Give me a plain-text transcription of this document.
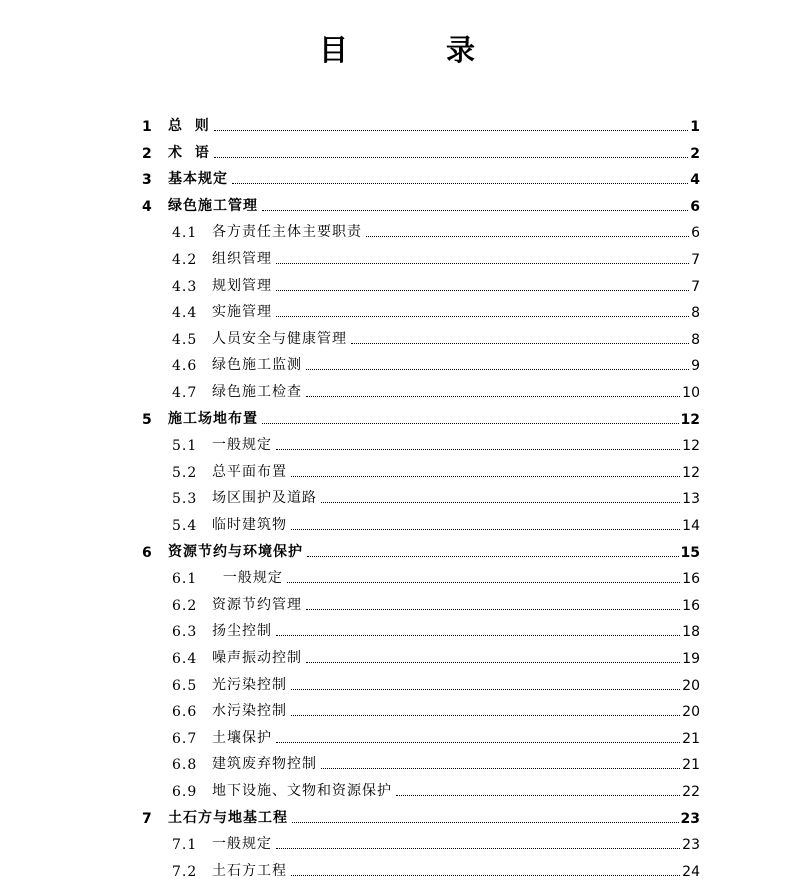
目 录
1	总  则	1
2	术  语	2
3	基本规定	4
4	绿色施工管理	6
4.1	各方责任主体主要职责	6
4.2	组织管理	7
4.3	规划管理	7
4.4	实施管理	8
4.5	人员安全与健康管理	8
4.6	绿色施工监测	9
4.7	绿色施工检查	10
5	施工场地布置	12
5.1	一般规定	12
5.2	总平面布置	12
5.3	场区围护及道路	13
5.4	临时建筑物	14
6	资源节约与环境保护	15
6.1	一般规定	16
6.2	资源节约管理	16
6.3	扬尘控制	18
6.4	噪声振动控制	19
6.5	光污染控制	20
6.6	水污染控制	20
6.7	土壤保护	21
6.8	建筑废弃物控制	21
6.9	地下设施、文物和资源保护	22
7	土石方与地基工程	23
7.1	一般规定	23
7.2	土石方工程	24
